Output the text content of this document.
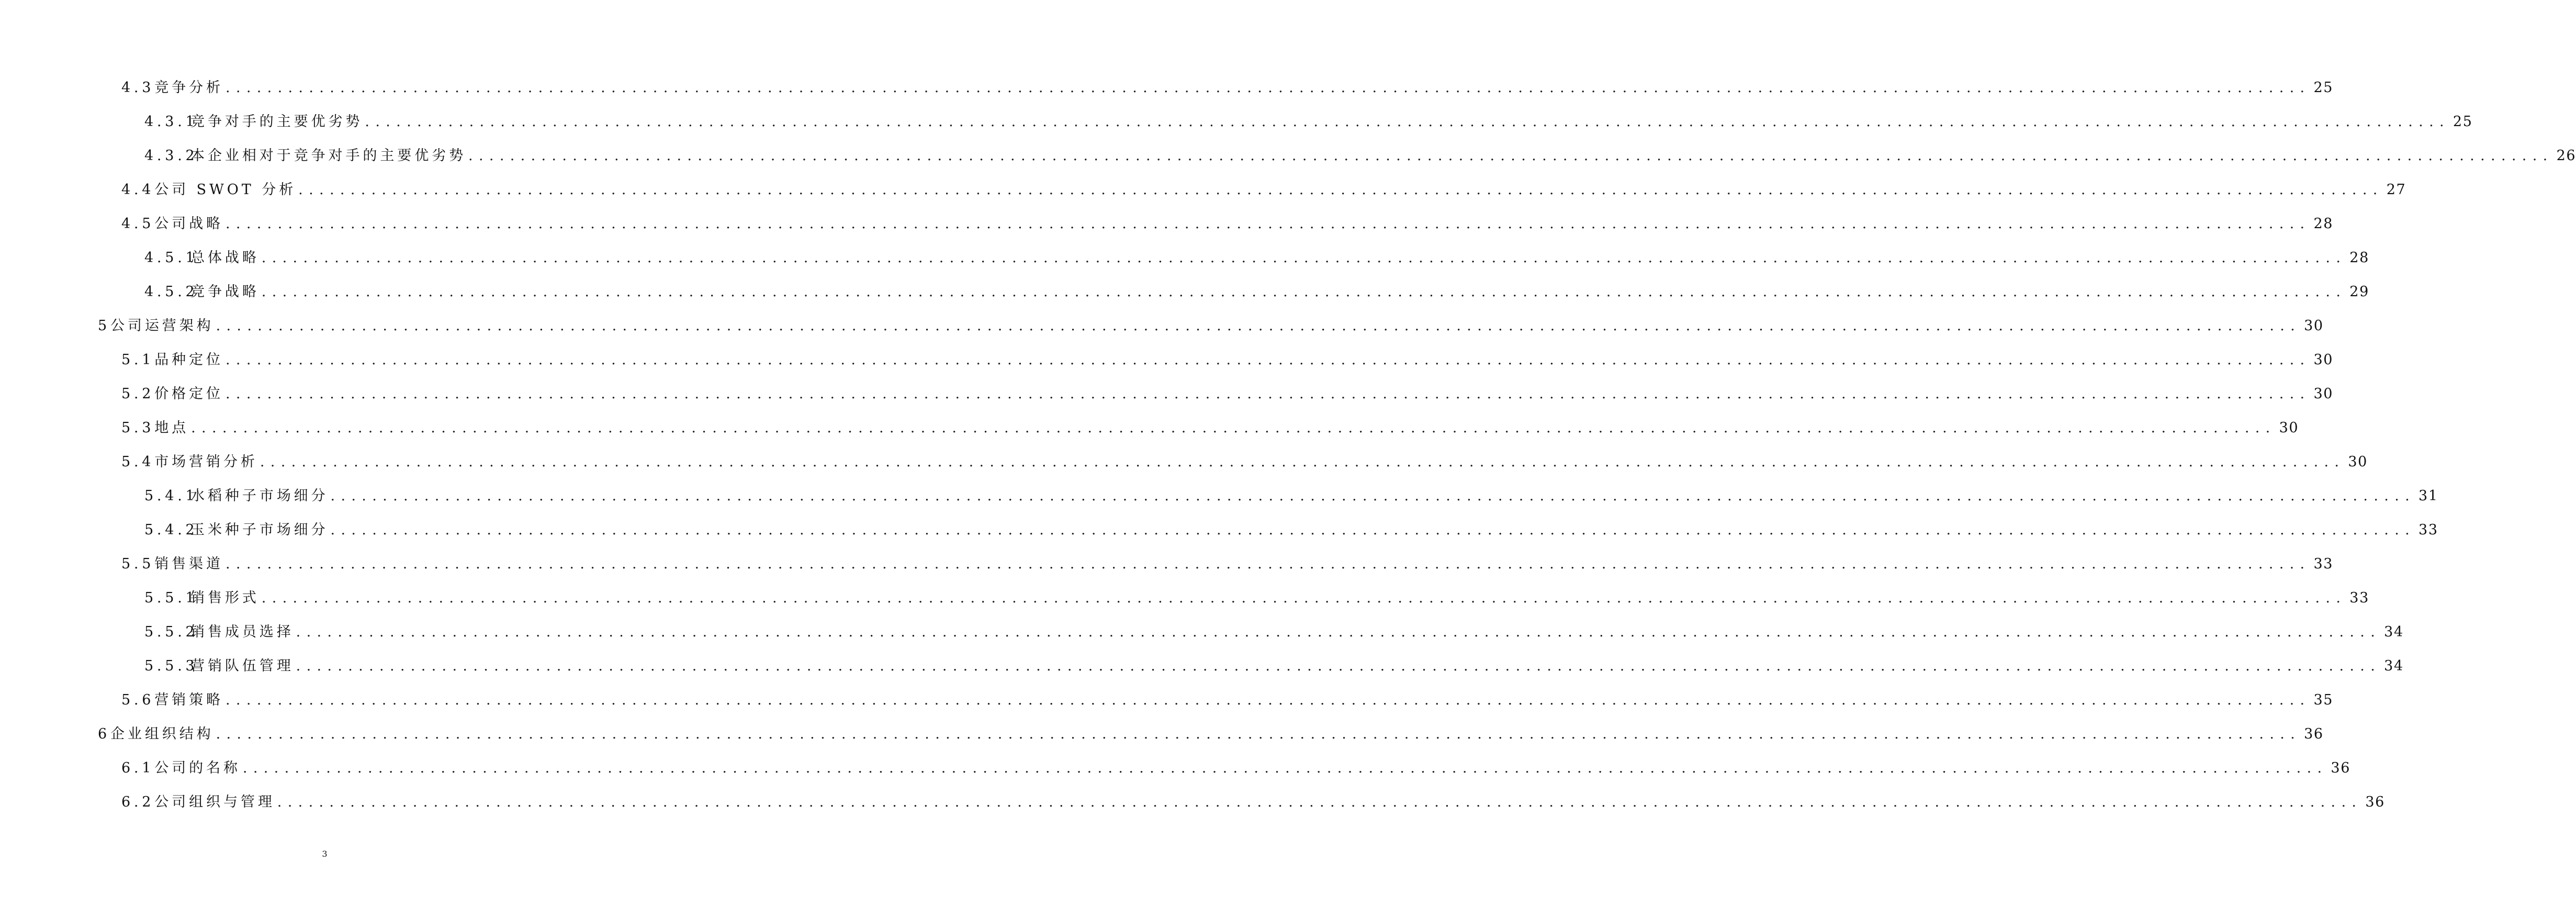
4.3 竞争分析 ........................................................................................................................................................................................................ 25
4.3.1
竞争对手的主要优劣势 ........................................................................................................................................................................................................ 25
4.3.2
本企业相对于竞争对手的主要优劣势 ........................................................................................................................................................................................................ 26
4.4 公司 SWOT 分析 ........................................................................................................................................................................................................ 27
4.5 公司战略 ........................................................................................................................................................................................................ 28
4.5.1
总体战略 ........................................................................................................................................................................................................ 28
4.5.2
竞争战略 ........................................................................................................................................................................................................ 29
5 公司运营架构 ........................................................................................................................................................................................................ 30
5.1 品种定位 ........................................................................................................................................................................................................ 30
5.2 价格定位 ........................................................................................................................................................................................................ 30
5.3 地点 ........................................................................................................................................................................................................ 30
5.4 市场营销分析 ........................................................................................................................................................................................................ 30
5.4.1
水稻种子市场细分 ........................................................................................................................................................................................................ 31
5.4.2
玉米种子市场细分 ........................................................................................................................................................................................................ 33
5.5 销售渠道 ........................................................................................................................................................................................................ 33
5.5.1
销售形式 ........................................................................................................................................................................................................ 33
5.5.2
销售成员选择 ........................................................................................................................................................................................................ 34
5.5.3
营销队伍管理 ........................................................................................................................................................................................................ 34
5.6 营销策略 ........................................................................................................................................................................................................ 35
6 企业组织结构 ........................................................................................................................................................................................................ 36
6.1 公司的名称 ........................................................................................................................................................................................................ 36
6.2 公司组织与管理 ........................................................................................................................................................................................................ 36
3
